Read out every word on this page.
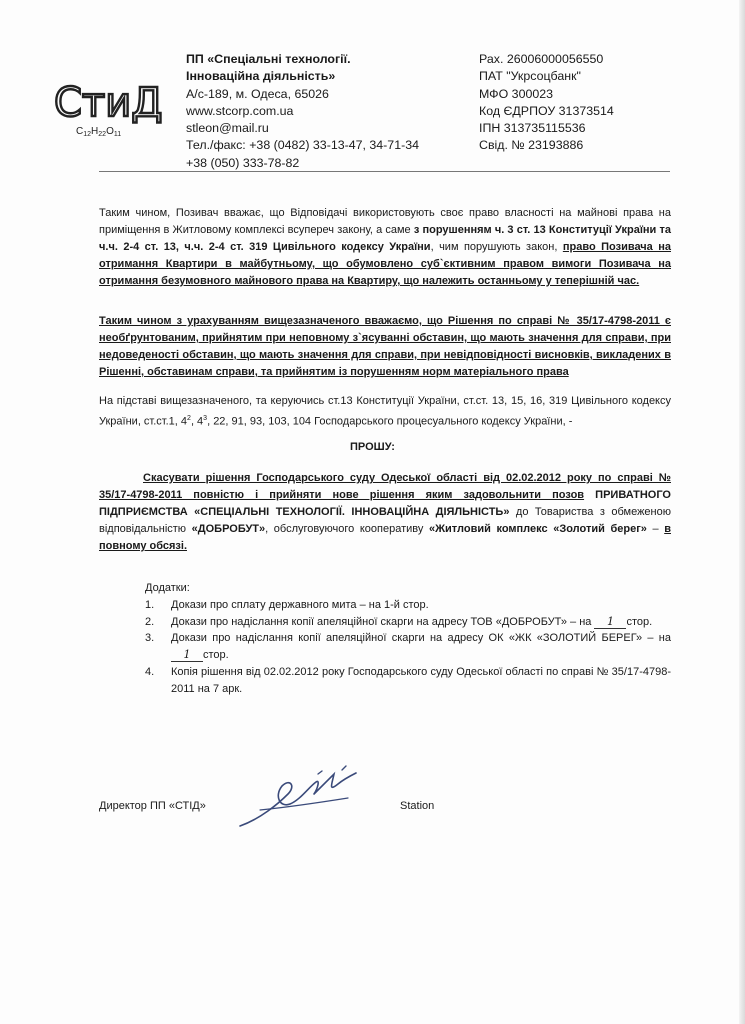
СтиД
$C_{12}H_{22}O_{11}$
ПП «Спеціальні технології.
Інноваційна діяльність»
А/с-189, м. Одеса, 65026
www.stcorp.com.ua
stleon@mail.ru
Тел./факс: +38 (0482) 33-13-47, 34-71-34
+38 (050) 333-78-82
Рах. 26006000056550
ПАТ "Укрсоцбанк"
МФО 300023
Код ЄДРПОУ 31373514
ІПН 313735115536
Свід. № 23193886
Таким чином, Позивач вважає, що Відповідачі використовують своє право власності на майнові права на приміщення в Житловому комплексі всупереч закону, а саме з порушенням ч. 3 ст. 13 Конституції України та ч.ч. 2-4 ст. 13, ч.ч. 2-4 ст. 319 Цивільного кодексу України, чим порушують закон, право Позивача на отримання Квартири в майбутньому, що обумовлено суб`єктивним правом вимоги Позивача на отримання безумовного майнового права на Квартиру, що належить останньому у теперішній час.
Таким чином з урахуванням вищезазначеного вважаємо, що Рішення по справі № 35/17-4798-2011 є необґрунтованим, прийнятим при неповному з`ясуванні обставин, що мають значення для справи, при недоведеності обставин, що мають значення для справи, при невідповідності висновків, викладених в Рішенні, обставинам справи, та прийнятим із порушенням норм матеріального права
На підставі вищезазначеного, та керуючись ст.13 Конституції України, ст.ст. 13, 15, 16, 319 Цивільного кодексу України, ст.ст.1, $4^2$, $4^3$, 22, 91, 93, 103, 104 Господарського процесуального кодексу України, -
ПРОШУ:
Скасувати рішення Господарського суду Одеської області від 02.02.2012 року по справі № 35/17-4798-2011 повністю і прийняти нове рішення яким задовольнити позов ПРИВАТНОГО ПІДПРИЄМСТВА «СПЕЦІАЛЬНІ ТЕХНОЛОГІЇ. ІННОВАЦІЙНА ДІЯЛЬНІСТЬ» до Товариства з обмеженою відповідальністю «ДОБРОБУТ», обслуговуючого кооперативу «Житловий комплекс «Золотий берег» – в повному обсязі.
Додатки:
1. Докази про сплату державного мита – на 1-й стор.
2. Докази про надіслання копії апеляційної скарги на адресу ТОВ «ДОБРОБУТ» – на 1 стор.
3. Докази про надіслання копії апеляційної скарги на адресу ОК «ЖК «ЗОЛОТИЙ БЕРЕГ» – на 1 стор.
4. Копія рішення від 02.02.2012 року Господарського суду Одеської області по справі № 35/17-4798-2011 на 7 арк.
Директор ПП «СТІД»	Station
